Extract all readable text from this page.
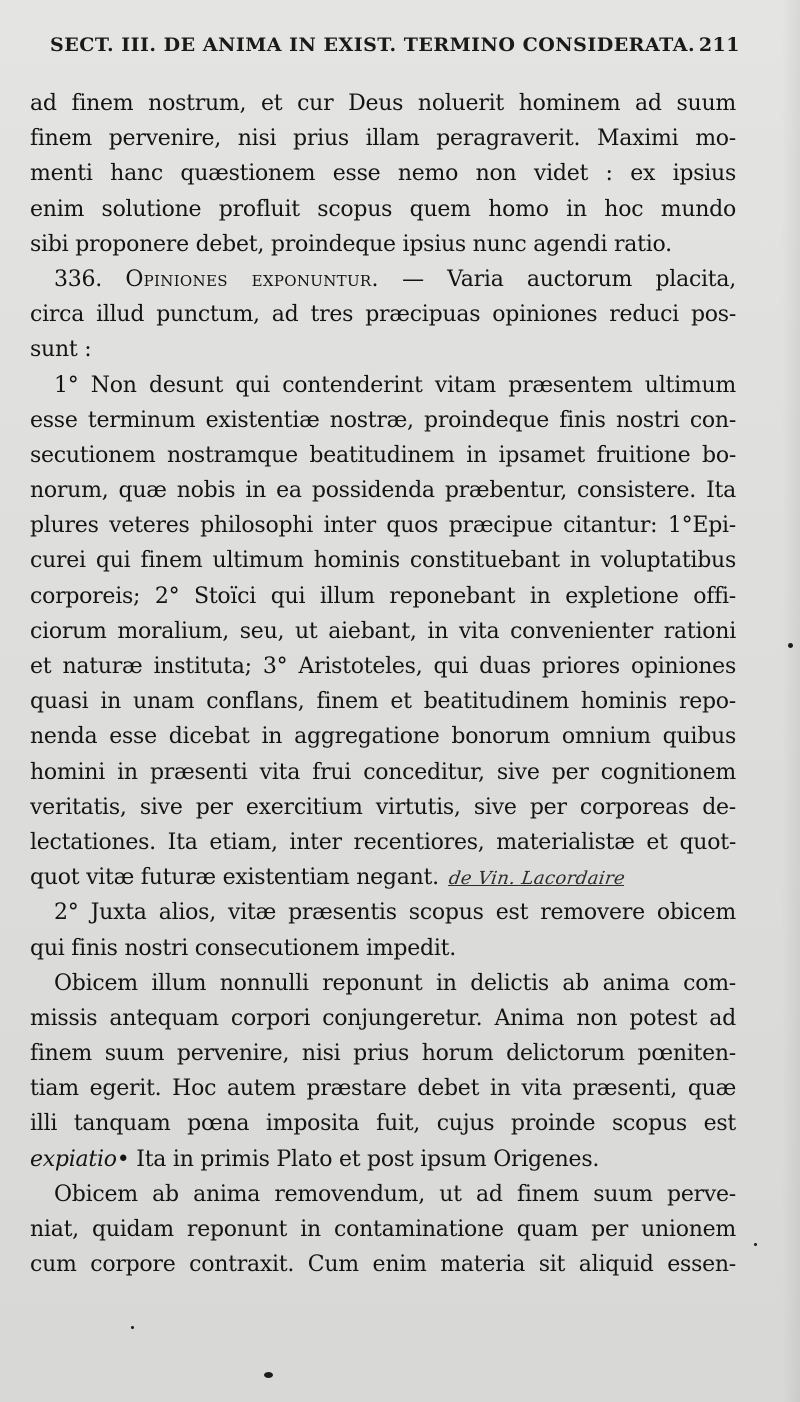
SECT. III. DE ANIMA IN EXIST. TERMINO CONSIDERATA. 211
ad finem nostrum, et cur Deus noluerit hominem ad suum
finem pervenire, nisi prius illam peragraverit. Maximi mo-
menti hanc quæstionem esse nemo non videt : ex ipsius
enim solutione profluit scopus quem homo in hoc mundo
sibi proponere debet, proindeque ipsius nunc agendi ratio.
336. Opiniones exponuntur. — Varia auctorum placita,
circa illud punctum, ad tres præcipuas opiniones reduci pos-
sunt :
1° Non desunt qui contenderint vitam præsentem ultimum
esse terminum existentiæ nostræ, proindeque finis nostri con-
secutionem nostramque beatitudinem in ipsamet fruitione bo-
norum, quæ nobis in ea possidenda præbentur, consistere. Ita
plures veteres philosophi inter quos præcipue citantur: 1°Epi-
curei qui finem ultimum hominis constituebant in voluptatibus
corporeis; 2° Stoïci qui illum reponebant in expletione offi-
ciorum moralium, seu, ut aiebant, in vita convenienter rationi
et naturæ instituta; 3° Aristoteles, qui duas priores opiniones
quasi in unam conflans, finem et beatitudinem hominis repo-
nenda esse dicebat in aggregatione bonorum omnium quibus
homini in præsenti vita frui conceditur, sive per cognitionem
veritatis, sive per exercitium virtutis, sive per corporeas de-
lectationes. Ita etiam, inter recentiores, materialistæ et quot-
quot vitæ futuræ existentiam negant. de Vin. Lacordaire
2° Juxta alios, vitæ præsentis scopus est removere obicem
qui finis nostri consecutionem impedit.
Obicem illum nonnulli reponunt in delictis ab anima com-
missis antequam corpori conjungeretur. Anima non potest ad
finem suum pervenire, nisi prius horum delictorum pœniten-
tiam egerit. Hoc autem præstare debet in vita præsenti, quæ
illi tanquam pœna imposita fuit, cujus proinde scopus est
expiatio• Ita in primis Plato et post ipsum Origenes.
Obicem ab anima removendum, ut ad finem suum perve-
niat, quidam reponunt in contaminatione quam per unionem
cum corpore contraxit. Cum enim materia sit aliquid essen-
